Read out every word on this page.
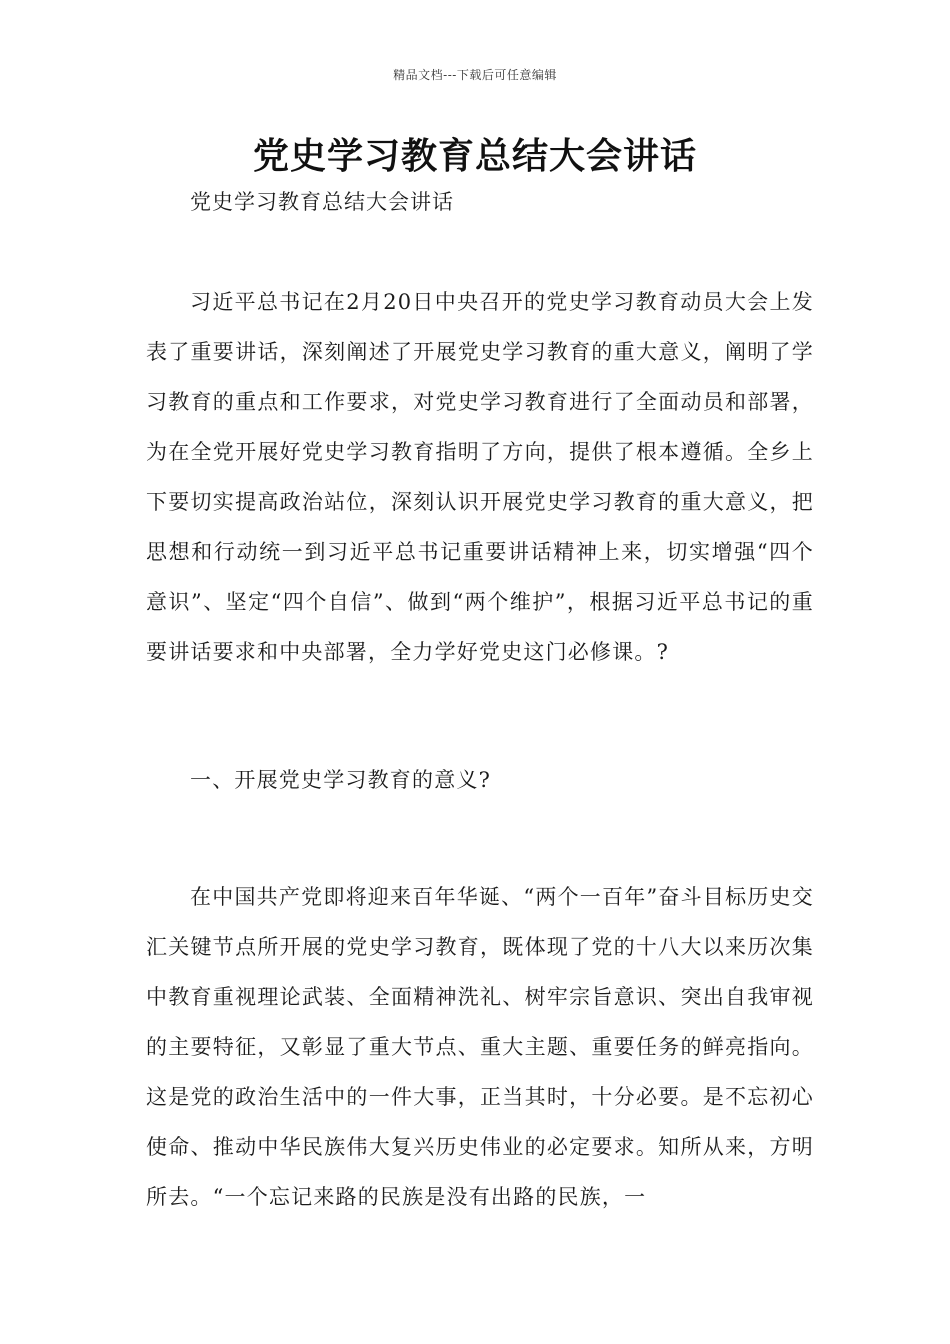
精品文档---下载后可任意编辑
党史学习教育总结大会讲话
党史学习教育总结大会讲话

习近平总书记在2月20日中央召开的党史学习教育动员大会上发表了重要讲话，深刻阐述了开展党史学习教育的重大意义，阐明了学习教育的重点和工作要求，对党史学习教育进行了全面动员和部署，为在全党开展好党史学习教育指明了方向，提供了根本遵循。全乡上下要切实提高政治站位，深刻认识开展党史学习教育的重大意义，把思想和行动统一到习近平总书记重要讲话精神上来，切实增强“四个意识”、坚定“四个自信”、做到“两个维护”，根据习近平总书记的重要讲话要求和中央部署，全力学好党史这门必修课。?

一、开展党史学习教育的意义?

在中国共产党即将迎来百年华诞、“两个一百年”奋斗目标历史交汇关键节点所开展的党史学习教育，既体现了党的十八大以来历次集中教育重视理论武装、全面精神洗礼、树牢宗旨意识、突出自我审视的主要特征，又彰显了重大节点、重大主题、重要任务的鲜亮指向。这是党的政治生活中的一件大事，正当其时，十分必要。是不忘初心使命、推动中华民族伟大复兴历史伟业的必定要求。知所从来，方明所去。“一个忘记来路的民族是没有出路的民族，一
